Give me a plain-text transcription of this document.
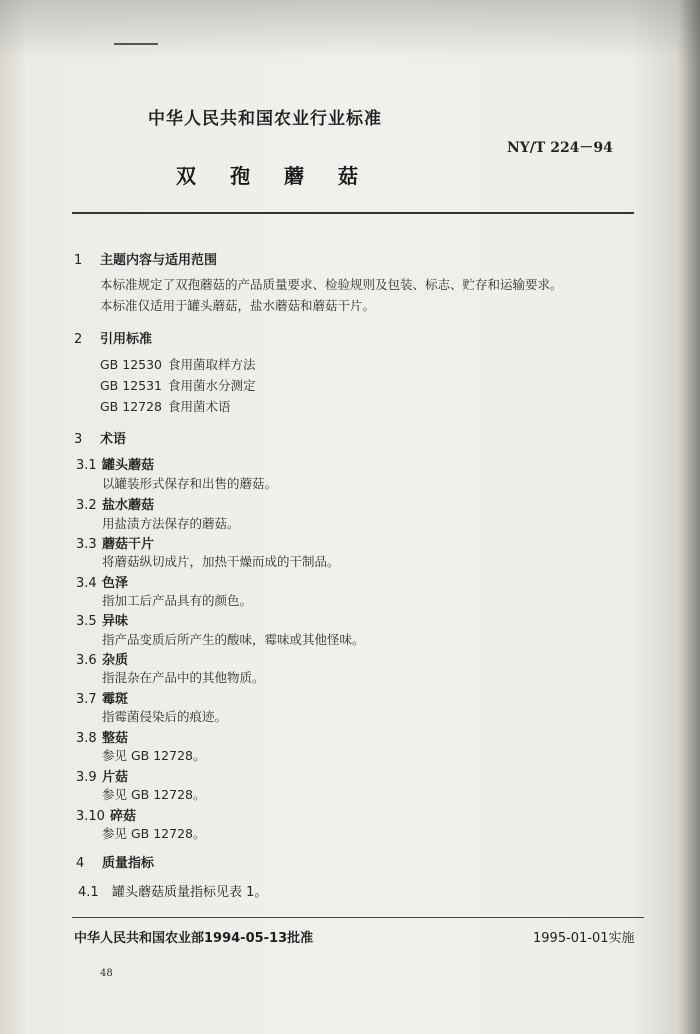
中华人民共和国农业行业标准
NY/T 224－94
双孢蘑菇
1 主题内容与适用范围
本标准规定了双孢蘑菇的产品质量要求、检验规则及包装、标志、贮存和运输要求。
本标准仅适用于罐头蘑菇，盐水蘑菇和蘑菇干片。
2 引用标准
GB 12530 食用菌取样方法
GB 12531 食用菌水分测定
GB 12728 食用菌术语
3 术语
3.1 罐头蘑菇
以罐装形式保存和出售的蘑菇。
3.2 盐水蘑菇
用盐渍方法保存的蘑菇。
3.3 蘑菇干片
将蘑菇纵切成片，加热干燥而成的干制品。
3.4 色泽
指加工后产品具有的颜色。
3.5 异味
指产品变质后所产生的酸味，霉味或其他怪味。
3.6 杂质
指混杂在产品中的其他物质。
3.7 霉斑
指霉菌侵染后的痕迹。
3.8 整菇
参见 GB 12728。
3.9 片菇
参见 GB 12728。
3.10 碎菇
参见 GB 12728。
4 质量指标
4.1 罐头蘑菇质量指标见表 1。
中华人民共和国农业部1994-05-13批准	1995-01-01实施
48
